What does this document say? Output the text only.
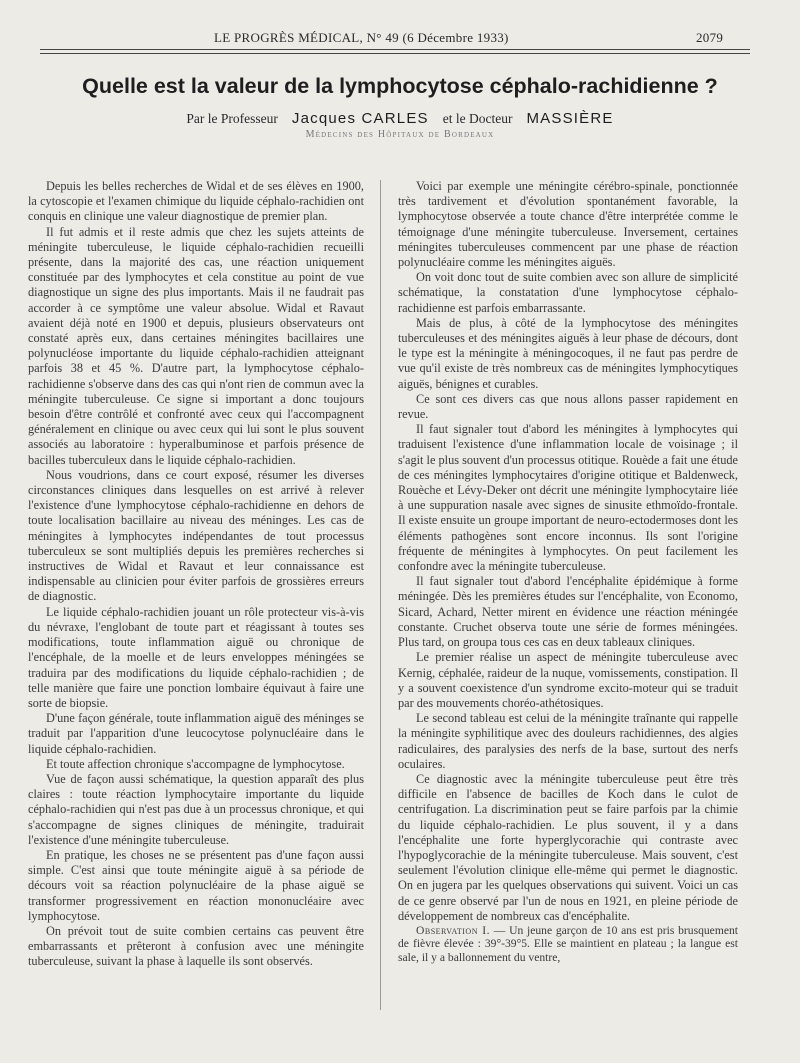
LE PROGRÈS MÉDICAL, N° 49 (6 Décembre 1933)	2079
Quelle est la valeur de la lymphocytose céphalo-rachidienne ?
Par le Professeur Jacques CARLES et le Docteur MASSIÈRE
Médecins des Hôpitaux de Bordeaux

Depuis les belles recherches de Widal et de ses élèves en 1900, la cytoscopie et l'examen chimique du liquide céphalo-rachidien ont conquis en clinique une valeur diagnostique de premier plan.

Il fut admis et il reste admis que chez les sujets atteints de méningite tuberculeuse, le liquide céphalo-rachidien recueilli présente, dans la majorité des cas, une réaction uniquement constituée par des lymphocytes et cela constitue au point de vue diagnostique un signe des plus importants. Mais il ne faudrait pas accorder à ce symptôme une valeur absolue. Widal et Ravaut avaient déjà noté en 1900 et depuis, plusieurs observateurs ont constaté après eux, dans certaines méningites bacillaires une polynucléose importante du liquide céphalo-rachidien atteignant parfois 38 et 45 %. D'autre part, la lymphocytose céphalo-rachidienne s'observe dans des cas qui n'ont rien de commun avec la méningite tuberculeuse. Ce signe si important a donc toujours besoin d'être contrôlé et confronté avec ceux qui l'accompagnent généralement en clinique ou avec ceux qui lui sont le plus souvent associés au laboratoire : hyperalbuminose et parfois présence de bacilles tuberculeux dans le liquide céphalo-rachidien.

Nous voudrions, dans ce court exposé, résumer les diverses circonstances cliniques dans lesquelles on est arrivé à relever l'existence d'une lymphocytose céphalo-rachidienne en dehors de toute localisation bacillaire au niveau des méninges. Les cas de méningites à lymphocytes indépendantes de tout processus tuberculeux se sont multipliés depuis les premières recherches si instructives de Widal et Ravaut et leur connaissance est indispensable au clinicien pour éviter parfois de grossières erreurs de diagnostic.

Le liquide céphalo-rachidien jouant un rôle protecteur vis-à-vis du névraxe, l'englobant de toute part et réagissant à toutes ses modifications, toute inflammation aiguë ou chronique de l'encéphale, de la moelle et de leurs enveloppes méningées se traduira par des modifications du liquide céphalo-rachidien ; de telle manière que faire une ponction lombaire équivaut à faire une sorte de biopsie.

D'une façon générale, toute inflammation aiguë des méninges se traduit par l'apparition d'une leucocytose polynucléaire dans le liquide céphalo-rachidien.

Et toute affection chronique s'accompagne de lymphocytose.

Vue de façon aussi schématique, la question apparaît des plus claires : toute réaction lymphocytaire importante du liquide céphalo-rachidien qui n'est pas due à un processus chronique, et qui s'accompagne de signes cliniques de méningite, traduirait l'existence d'une méningite tuberculeuse.

En pratique, les choses ne se présentent pas d'une façon aussi simple. C'est ainsi que toute méningite aiguë à sa période de décours voit sa réaction polynucléaire de la phase aiguë se transformer progressivement en réaction mononucléaire avec lymphocytose.

On prévoit tout de suite combien certains cas peuvent être embarrassants et prêteront à confusion avec une méningite tuberculeuse, suivant la phase à laquelle ils sont observés.

Voici par exemple une méningite cérébro-spinale, ponctionnée très tardivement et d'évolution spontanément favorable, la lymphocytose observée a toute chance d'être interprétée comme le témoignage d'une méningite tuberculeuse. Inversement, certaines méningites tuberculeuses commencent par une phase de réaction polynucléaire comme les méningites aiguës.

On voit donc tout de suite combien avec son allure de simplicité schématique, la constatation d'une lymphocytose céphalo-rachidienne est parfois embarrassante.

Mais de plus, à côté de la lymphocytose des méningites tuberculeuses et des méningites aiguës à leur phase de décours, dont le type est la méningite à méningocoques, il ne faut pas perdre de vue qu'il existe de très nombreux cas de méningites lymphocytiques aiguës, bénignes et curables.

Ce sont ces divers cas que nous allons passer rapidement en revue.

Il faut signaler tout d'abord les méningites à lymphocytes qui traduisent l'existence d'une inflammation locale de voisinage ; il s'agit le plus souvent d'un processus otitique. Rouède a fait une étude de ces méningites lymphocytaires d'origine otitique et Baldenweck, Rouèche et Lévy-Deker ont décrit une méningite lymphocytaire liée à une suppuration nasale avec signes de sinusite ethmoïdo-frontale. Il existe ensuite un groupe important de neuro-ectodermoses dont les éléments pathogènes sont encore inconnus. Ils sont l'origine fréquente de méningites à lymphocytes. On peut facilement les confondre avec la méningite tuberculeuse.

Il faut signaler tout d'abord l'encéphalite épidémique à forme méningée. Dès les premières études sur l'encéphalite, von Economo, Sicard, Achard, Netter mirent en évidence une réaction méningée constante. Cruchet observa toute une série de formes méningées. Plus tard, on groupa tous ces cas en deux tableaux cliniques.

Le premier réalise un aspect de méningite tuberculeuse avec Kernig, céphalée, raideur de la nuque, vomissements, constipation. Il y a souvent coexistence d'un syndrome excito-moteur qui se traduit par des mouvements choréo-athétosiques.

Le second tableau est celui de la méningite traînante qui rappelle la méningite syphilitique avec des douleurs rachidiennes, des algies radiculaires, des paralysies des nerfs de la base, surtout des nerfs oculaires.

Ce diagnostic avec la méningite tuberculeuse peut être très difficile en l'absence de bacilles de Koch dans le culot de centrifugation. La discrimination peut se faire parfois par la chimie du liquide céphalo-rachidien. Le plus souvent, il y a dans l'encéphalite une forte hyperglycorachie qui contraste avec l'hypoglycorachie de la méningite tuberculeuse. Mais souvent, c'est seulement l'évolution clinique elle-même qui permet le diagnostic. On en jugera par les quelques observations qui suivent. Voici un cas de ce genre observé par l'un de nous en 1921, en pleine période de développement de nombreux cas d'encéphalite.

Observation I. — Un jeune garçon de 10 ans est pris brusquement de fièvre élevée : 39°-39°5. Elle se maintient en plateau ; la langue est sale, il y a ballonnement du ventre,
